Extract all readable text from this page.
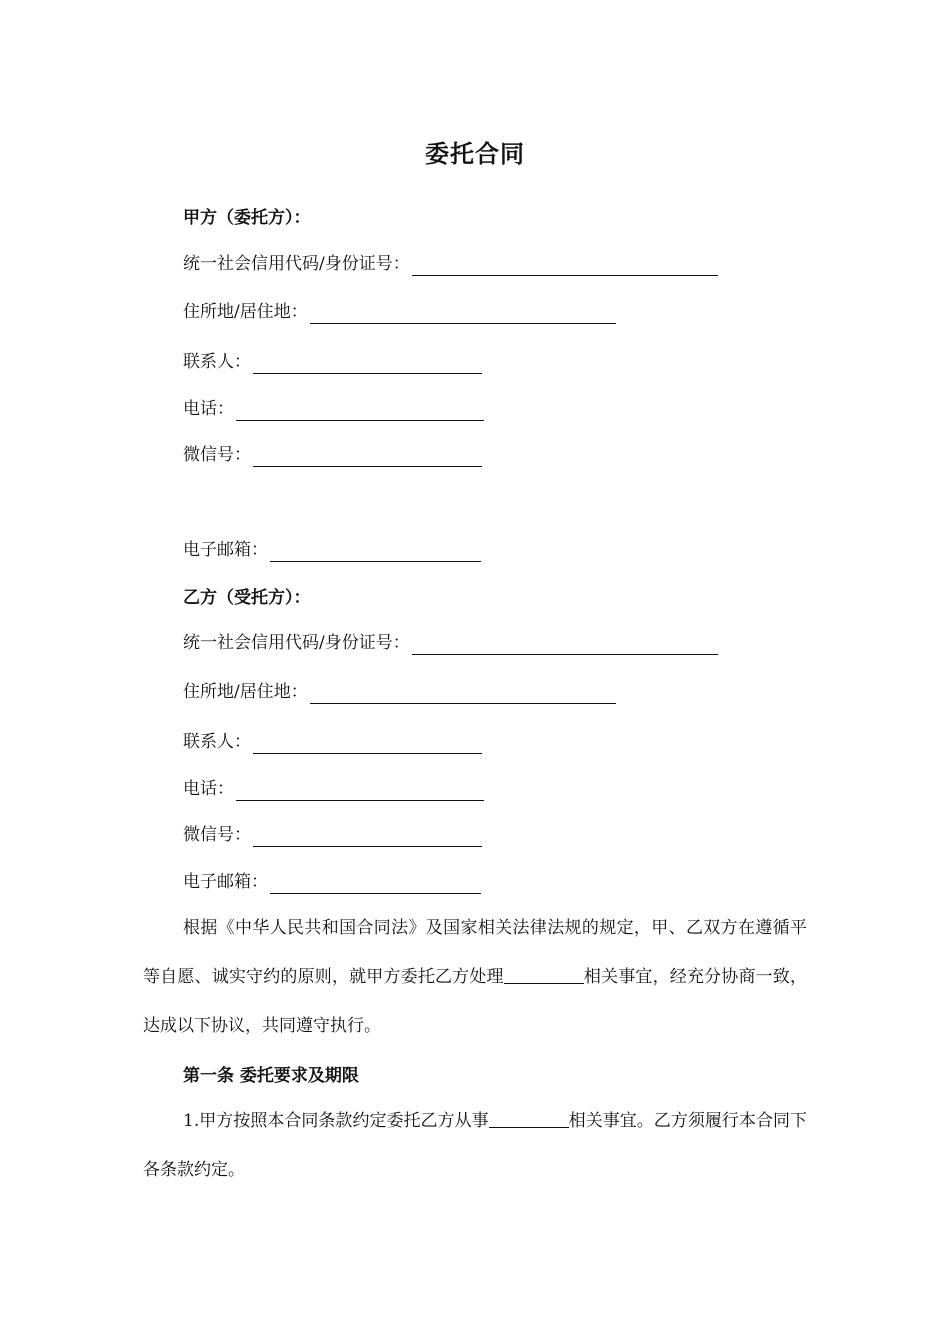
委托合同
甲方（委托方）：
统一社会信用代码/身份证号：
住所地/居住地：
联系人：
电话：
微信号：
电子邮箱：
乙方（受托方）：
统一社会信用代码/身份证号：
住所地/居住地：
联系人：
电话：
微信号：
电子邮箱：
根据《中华人民共和国合同法》及国家相关法律法规的规定，甲、乙双方在遵循平等自愿、诚实守约的原则，就甲方委托乙方处理	相关事宜，经充分协商一致，达成以下协议，共同遵守执行。
第一条 委托要求及期限
1.甲方按照本合同条款约定委托乙方从事	相关事宜。乙方须履行本合同下各条款约定。
